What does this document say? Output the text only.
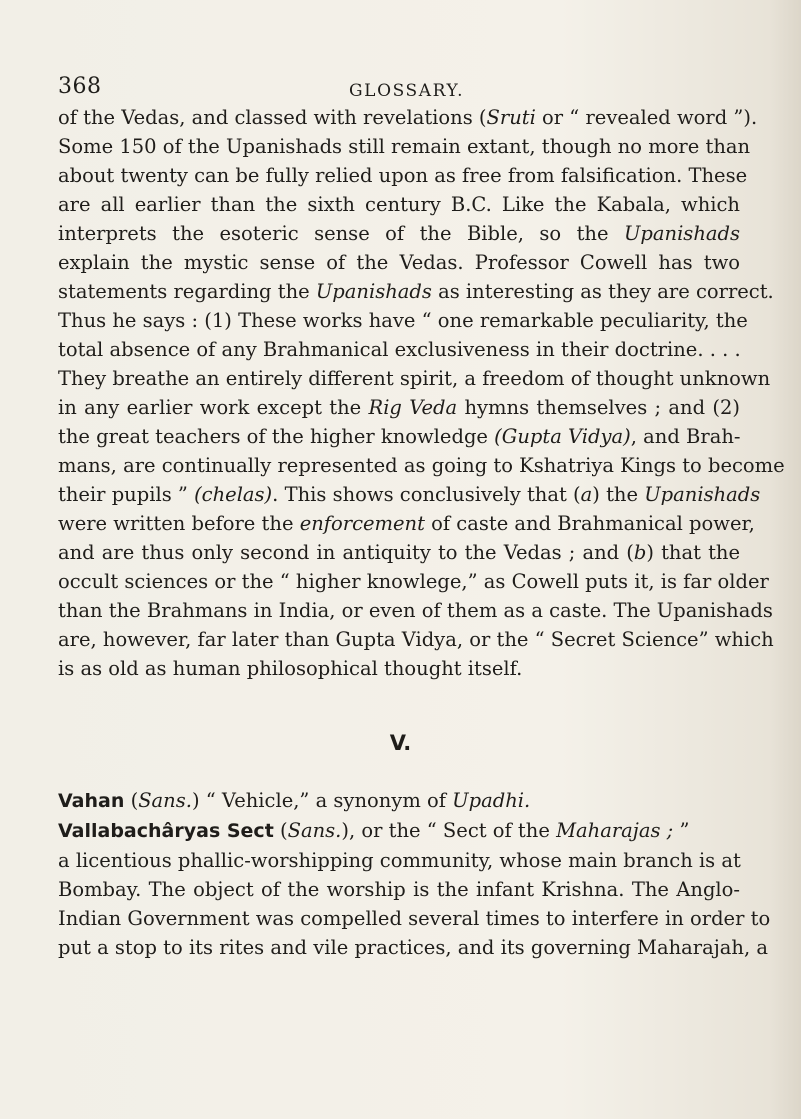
368	GLOSSARY.
of the Vedas, and classed with revelations (Sruti or “ revealed word ”).
Some 150 of the Upanishads still remain extant, though no more than
about twenty can be fully relied upon as free from falsification. These
are all earlier than the sixth century B.C. Like the Kabala, which
interprets the esoteric sense of the Bible, so the Upanishads
explain the mystic sense of the Vedas. Professor Cowell has two
statements regarding the Upanishads as interesting as they are correct.
Thus he says : (1) These works have “ one remarkable peculiarity, the
total absence of any Brahmanical exclusiveness in their doctrine. . . .
They breathe an entirely different spirit, a freedom of thought unknown
in any earlier work except the Rig Veda hymns themselves ; and (2)
the great teachers of the higher knowledge (Gupta Vidya), and Brah-
mans, are continually represented as going to Kshatriya Kings to become
their pupils ” (chelas). This shows conclusively that (a) the Upanishads
were written before the enforcement of caste and Brahmanical power,
and are thus only second in antiquity to the Vedas ; and (b) that the
occult sciences or the “ higher knowlege,” as Cowell puts it, is far older
than the Brahmans in India, or even of them as a caste. The Upanishads
are, however, far later than Gupta Vidya, or the “ Secret Science” which
is as old as human philosophical thought itself.
V.
Vahan (Sans.) “ Vehicle,” a synonym of Upadhi.
Vallabachâryas Sect (Sans.), or the “ Sect of the Maharajas ; ”
a licentious phallic-worshipping community, whose main branch is at
Bombay. The object of the worship is the infant Krishna. The Anglo-
Indian Government was compelled several times to interfere in order to
put a stop to its rites and vile practices, and its governing Maharajah, a
